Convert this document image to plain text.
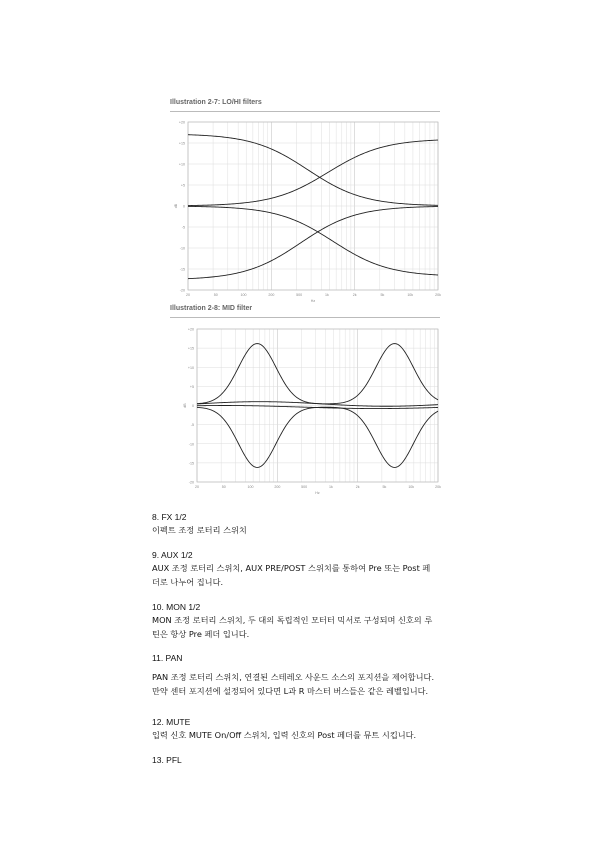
Illustration 2-7: LO/HI filters
+20
+15
+10
+5
0
-5
-10
-15
-20
20	50	100	200	500	1k	2k	5k	10k	20k
dB
Hz
Illustration 2-8: MID filter
+20
+15
+10
+5
0
-5
-10
-15
-20
20	50	100	200	500	1k	2k	5k	10k	20k
dB
Hz

8. FX 1/2

이펙트 조정 로터리 스위치

9. AUX 1/2

AUX 조정 로터리 스위치, AUX PRE/POST 스위치를 통하여 Pre 또는 Post 페

더로 나누어 집니다.

10. MON 1/2

MON 조정 로터리 스위치, 두 대의 독립적인 모터터 믹서로 구성되며 신호의 루

틴은 항상 Pre 페더 입니다.

11. PAN

PAN 조정 로터리 스위치, 연결된 스테레오 사운드 소스의 포지션을 제어합니다.

만약 센터 포지션에 설정되어 있다면 L과 R 마스터 버스들은 같은 레벨입니다.

12. MUTE

입력 신호 MUTE On/Off 스위치, 입력 신호의 Post 페더를 뮤트 시킵니다.

13. PFL
